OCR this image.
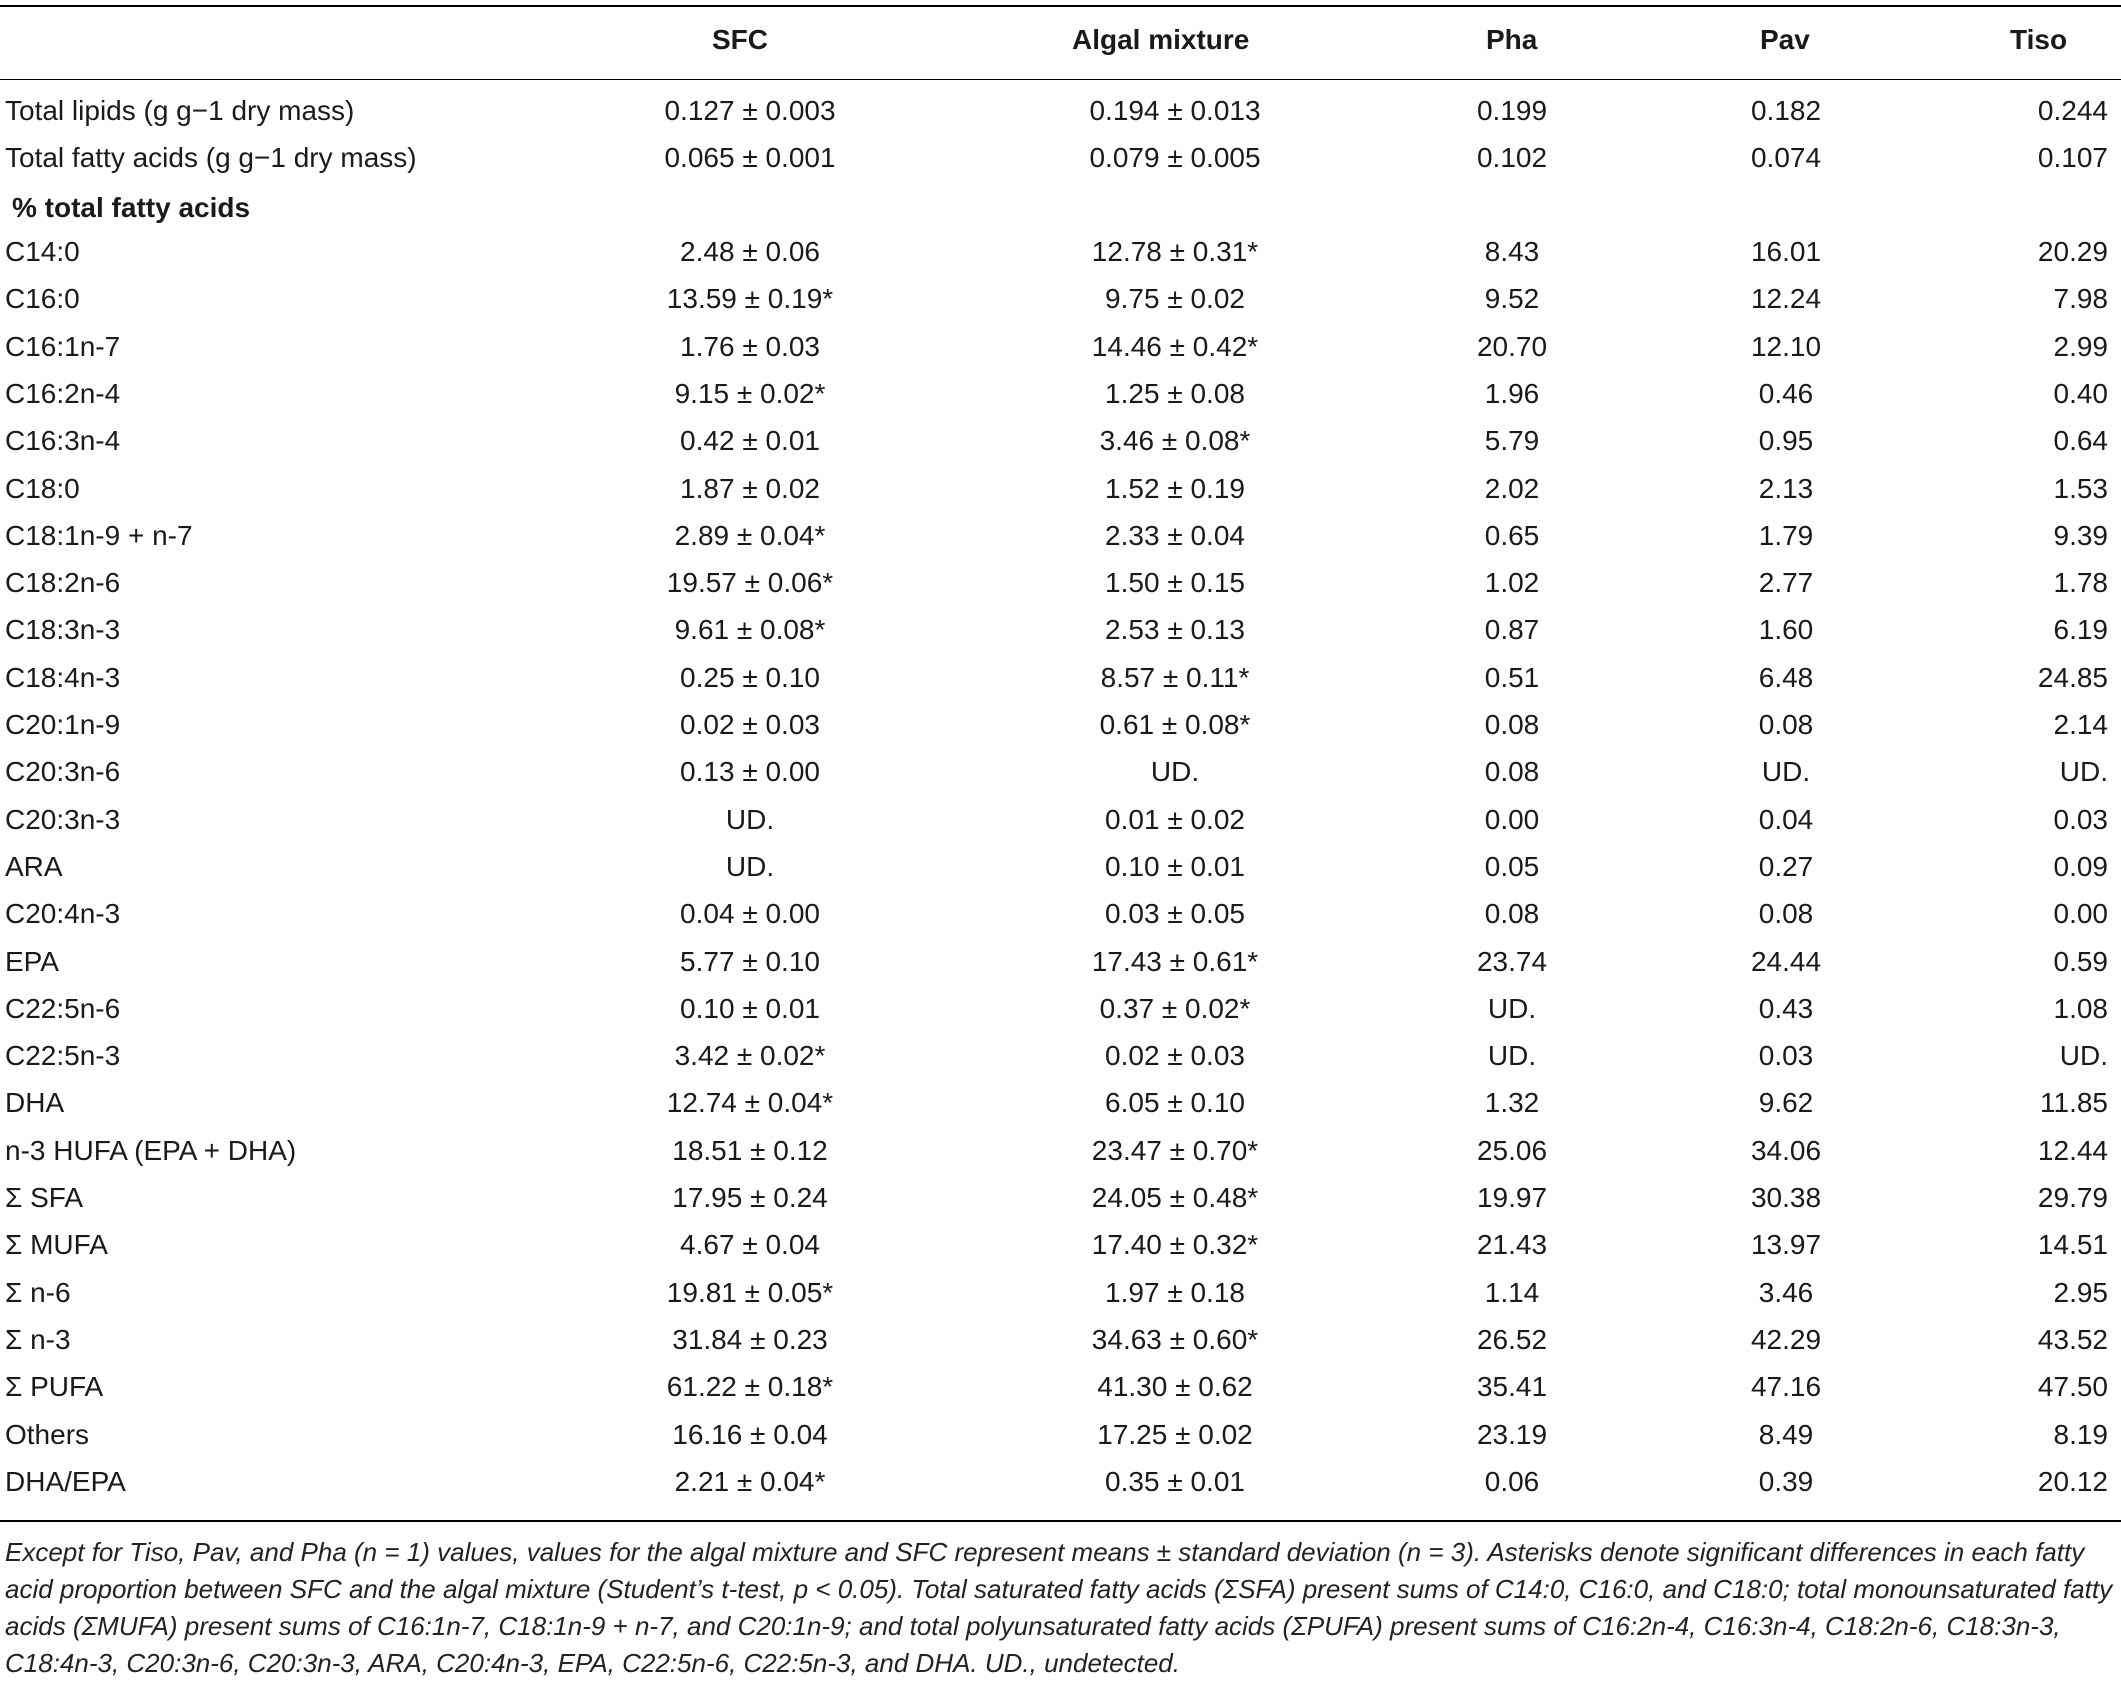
SFC	Algal mixture	Pha	Pav	Tiso
Total lipids (g g−1 dry mass)	0.127 ± 0.003	0.194 ± 0.013	0.199	0.182	0.244
Total fatty acids (g g−1 dry mass)	0.065 ± 0.001	0.079 ± 0.005	0.102	0.074	0.107
C14:0	2.48 ± 0.06	12.78 ± 0.31*	8.43	16.01	20.29
C16:0	13.59 ± 0.19*	9.75 ± 0.02	9.52	12.24	7.98
C16:1n-7	1.76 ± 0.03	14.46 ± 0.42*	20.70	12.10	2.99
C16:2n-4	9.15 ± 0.02*	1.25 ± 0.08	1.96	0.46	0.40
C16:3n-4	0.42 ± 0.01	3.46 ± 0.08*	5.79	0.95	0.64
C18:0	1.87 ± 0.02	1.52 ± 0.19	2.02	2.13	1.53
C18:1n-9 + n-7	2.89 ± 0.04*	2.33 ± 0.04	0.65	1.79	9.39
C18:2n-6	19.57 ± 0.06*	1.50 ± 0.15	1.02	2.77	1.78
C18:3n-3	9.61 ± 0.08*	2.53 ± 0.13	0.87	1.60	6.19
C18:4n-3	0.25 ± 0.10	8.57 ± 0.11*	0.51	6.48	24.85
C20:1n-9	0.02 ± 0.03	0.61 ± 0.08*	0.08	0.08	2.14
C20:3n-6	0.13 ± 0.00	UD.	0.08	UD.	UD.
C20:3n-3	UD.	0.01 ± 0.02	0.00	0.04	0.03
ARA	UD.	0.10 ± 0.01	0.05	0.27	0.09
C20:4n-3	0.04 ± 0.00	0.03 ± 0.05	0.08	0.08	0.00
EPA	5.77 ± 0.10	17.43 ± 0.61*	23.74	24.44	0.59
C22:5n-6	0.10 ± 0.01	0.37 ± 0.02*	UD.	0.43	1.08
C22:5n-3	3.42 ± 0.02*	0.02 ± 0.03	UD.	0.03	UD.
DHA	12.74 ± 0.04*	6.05 ± 0.10	1.32	9.62	11.85
n-3 HUFA (EPA + DHA)	18.51 ± 0.12	23.47 ± 0.70*	25.06	34.06	12.44
Σ SFA	17.95 ± 0.24	24.05 ± 0.48*	19.97	30.38	29.79
Σ MUFA	4.67 ± 0.04	17.40 ± 0.32*	21.43	13.97	14.51
Σ n-6	19.81 ± 0.05*	1.97 ± 0.18	1.14	3.46	2.95
Σ n-3	31.84 ± 0.23	34.63 ± 0.60*	26.52	42.29	43.52
Σ PUFA	61.22 ± 0.18*	41.30 ± 0.62	35.41	47.16	47.50
Others	16.16 ± 0.04	17.25 ± 0.02	23.19	8.49	8.19
DHA/EPA	2.21 ± 0.04*	0.35 ± 0.01	0.06	0.39	20.12
% total fatty acids
Except for Tiso, Pav, and Pha (n = 1) values, values for the algal mixture and SFC represent means ± standard deviation (n = 3). Asterisks denote significant differences in each fatty acid proportion between SFC and the algal mixture (Student’s t-test, p < 0.05). Total saturated fatty acids (ΣSFA) present sums of C14:0, C16:0, and C18:0; total monounsaturated fatty acids (ΣMUFA) present sums of C16:1n-7, C18:1n-9 + n-7, and C20:1n-9; and total polyunsaturated fatty acids (ΣPUFA) present sums of C16:2n-4, C16:3n-4, C18:2n-6, C18:3n-3, C18:4n-3, C20:3n-6, C20:3n-3, ARA, C20:4n-3, EPA, C22:5n-6, C22:5n-3, and DHA. UD., undetected.
